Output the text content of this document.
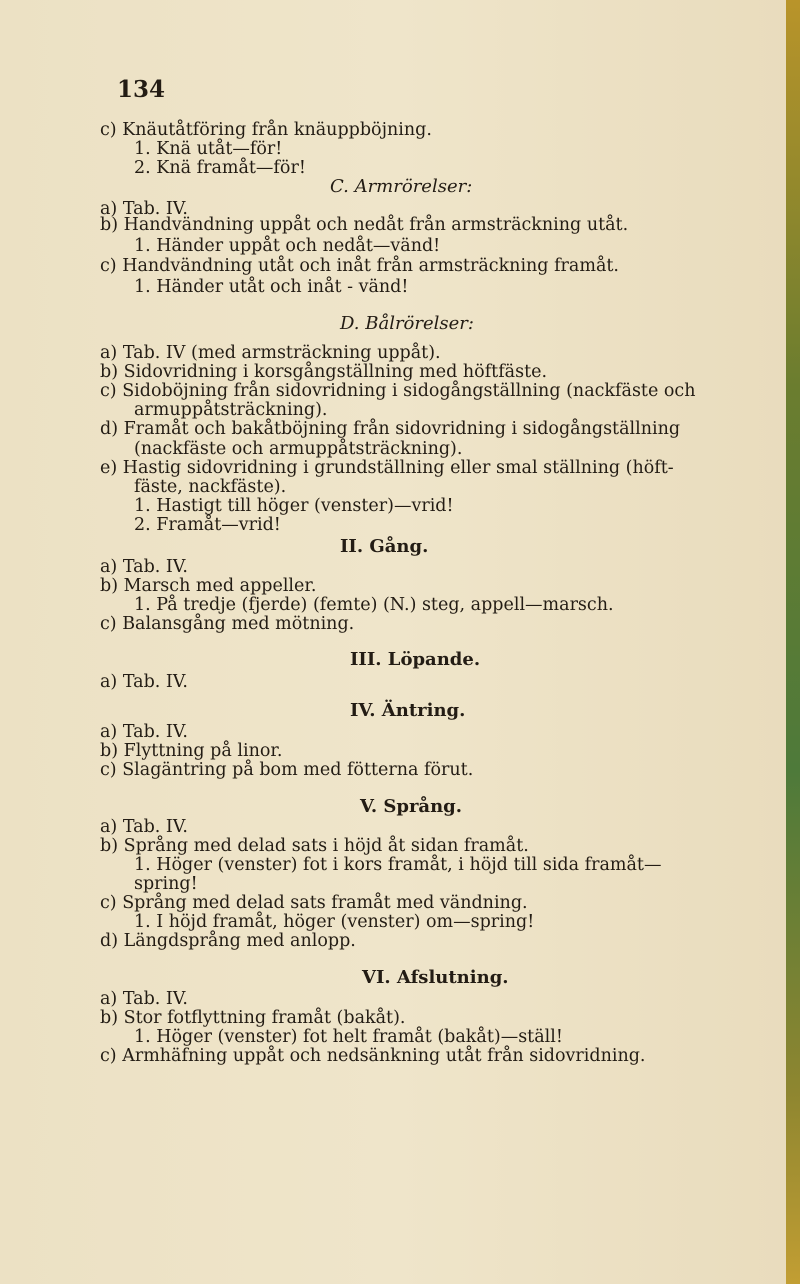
134
c) Knäutåtföring från knäuppböjning.
1. Knä utåt—för!
2. Knä framåt—för!
C. Armrörelser:
a) Tab. IV.
b) Handvändning uppåt och nedåt från armsträckning utåt.
1. Händer uppåt och nedåt—vänd!
c) Handvändning utåt och inåt från armsträckning framåt.
1. Händer utåt och inåt - vänd!
D. Bålrörelser:
a) Tab. IV (med armsträckning uppåt).
b) Sidovridning i korsgångställning med höftfäste.
c) Sidoböjning från sidovridning i sidogångställning (nackfäste och
armuppåtsträckning).
d) Framåt och bakåtböjning från sidovridning i sidogångställning
(nackfäste och armuppåtsträckning).
e) Hastig sidovridning i grundställning eller smal ställning (höft-
fäste, nackfäste).
1. Hastigt till höger (venster)—vrid!
2. Framåt—vrid!
II. Gång.
a) Tab. IV.
b) Marsch med appeller.
1. På tredje (fjerde) (femte) (N.) steg, appell—marsch.
c) Balansgång med mötning.
III. Löpande.
a) Tab. IV.
IV. Äntring.
a) Tab. IV.
b) Flyttning på linor.
c) Slagäntring på bom med fötterna förut.
V. Språng.
a) Tab. IV.
b) Språng med delad sats i höjd åt sidan framåt.
1. Höger (venster) fot i kors framåt, i höjd till sida framåt—
spring!
c) Språng med delad sats framåt med vändning.
1. I höjd framåt, höger (venster) om—spring!
d) Längdsprång med anlopp.
VI. Afslutning.
a) Tab. IV.
b) Stor fotflyttning framåt (bakåt).
1. Höger (venster) fot helt framåt (bakåt)—ställ!
c) Armhäfning uppåt och nedsänkning utåt från sidovridning.
